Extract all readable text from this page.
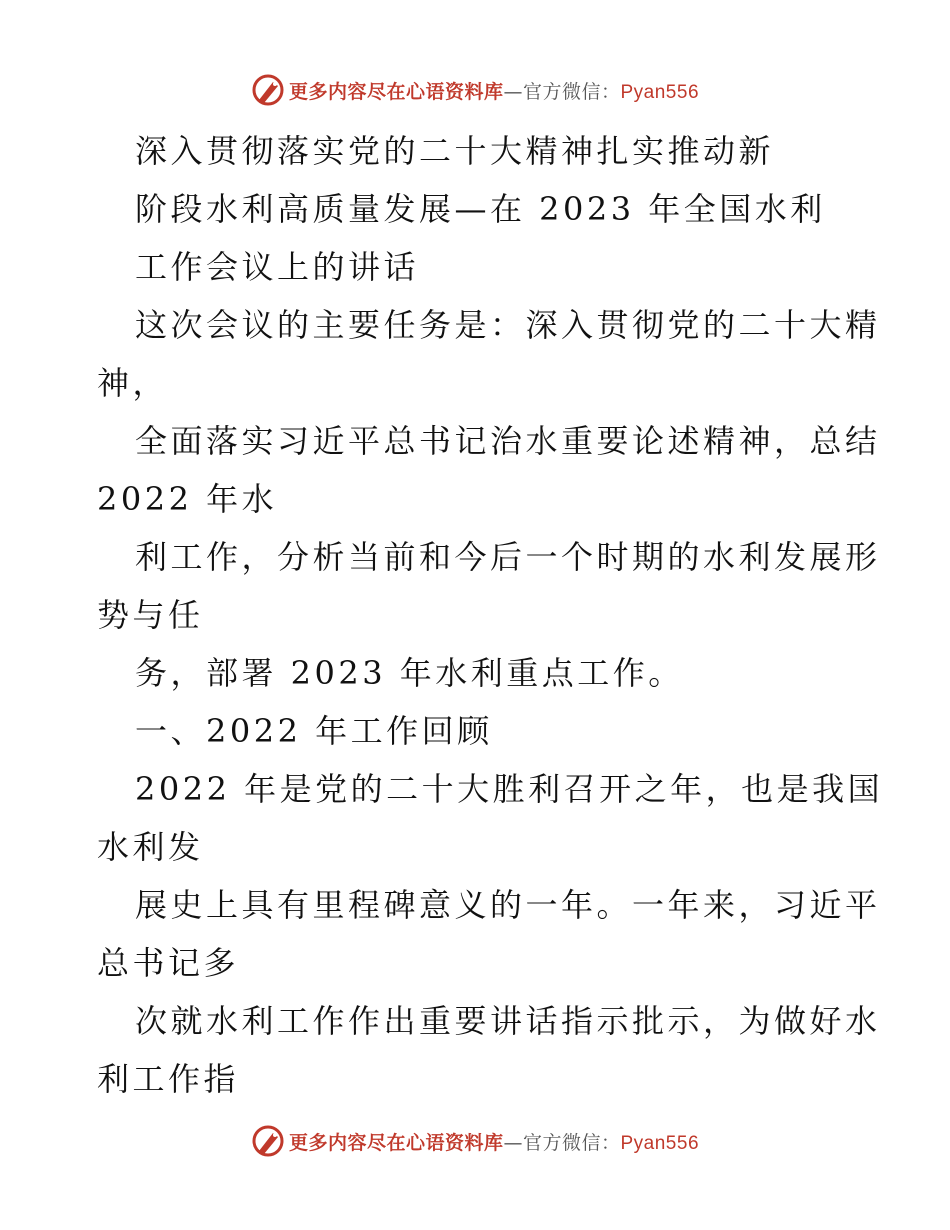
更多内容尽在心语资料库—官方微信：Pyan556
深入贯彻落实党的二十大精神扎实推动新
阶段水利高质量发展—在 2023 年全国水利
工作会议上的讲话
这次会议的主要任务是：深入贯彻党的二十大精
神，
全面落实习近平总书记治水重要论述精神，总结
2022 年水
利工作，分析当前和今后一个时期的水利发展形
势与任
务，部署 2023 年水利重点工作。
一、2022 年工作回顾
2022 年是党的二十大胜利召开之年，也是我国
水利发
展史上具有里程碑意义的一年。一年来，习近平
总书记多
次就水利工作作出重要讲话指示批示，为做好水
利工作指
更多内容尽在心语资料库—官方微信：Pyan556
